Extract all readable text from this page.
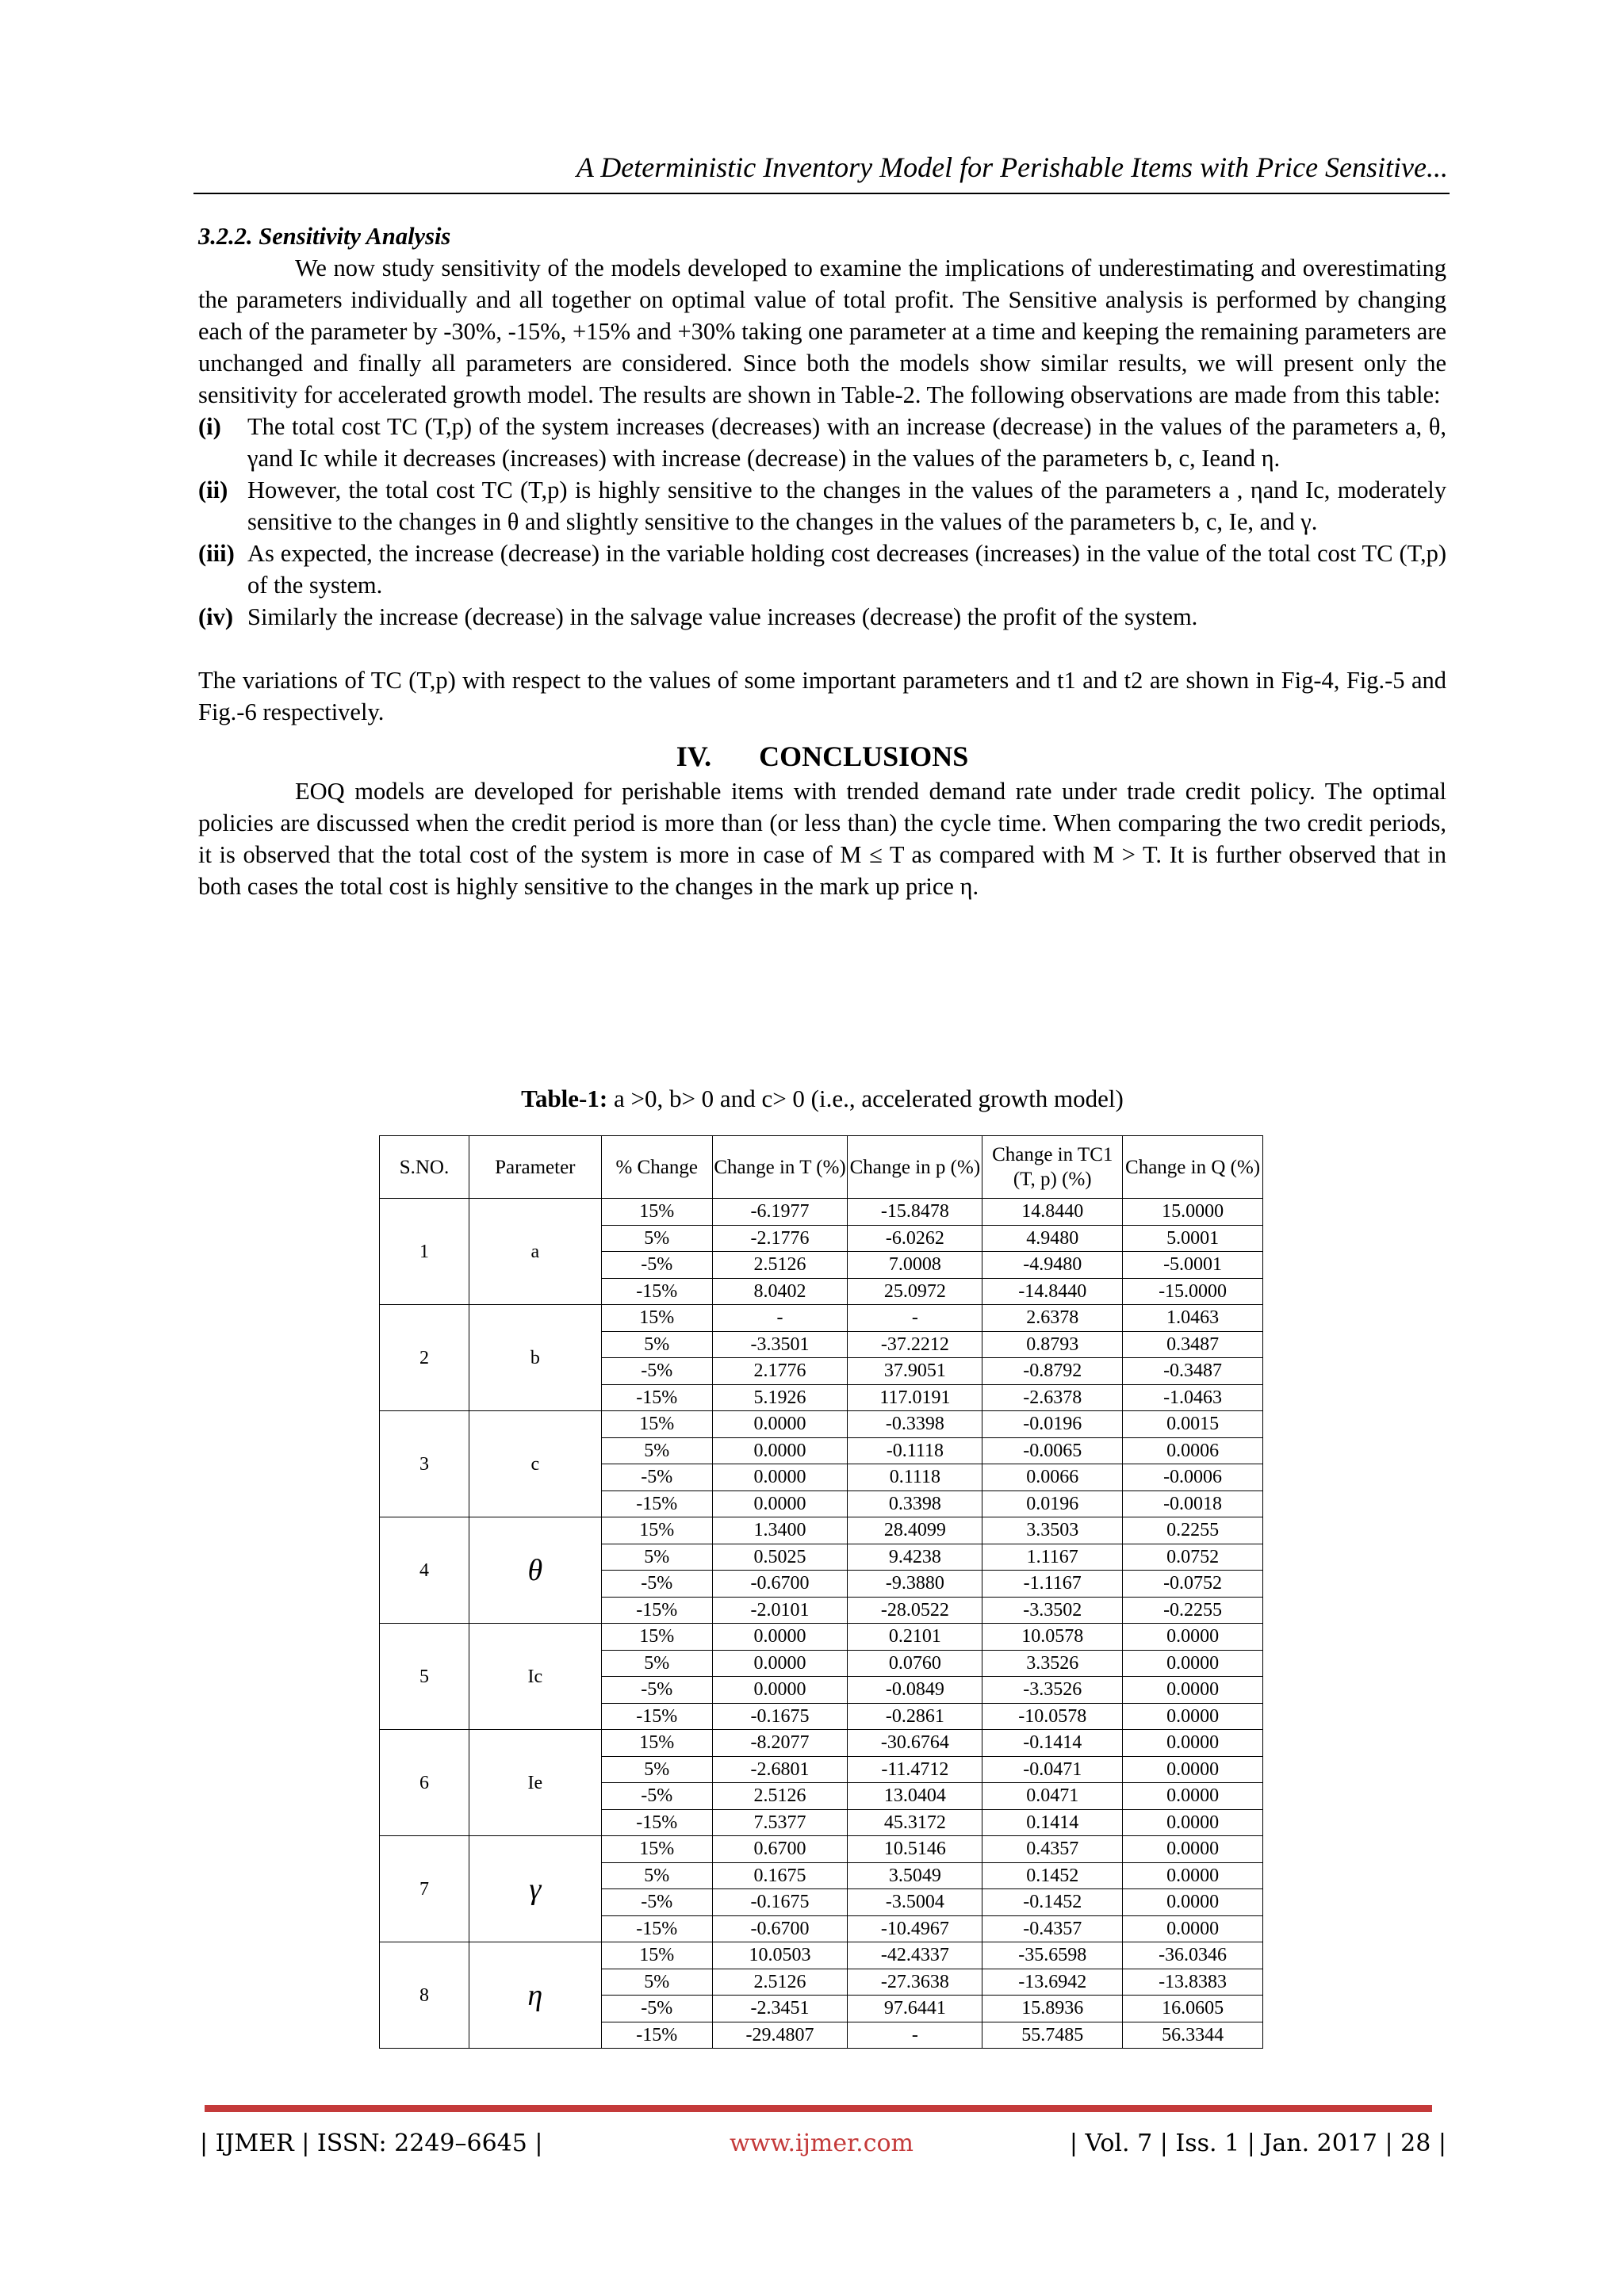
A Deterministic Inventory Model for Perishable Items with Price Sensitive...

3.2.2. Sensitivity Analysis

We now study sensitivity of the models developed to examine the implications of underestimating and overestimating the parameters individually and all together on optimal value of total profit. The Sensitive analysis is performed by changing each of the parameter by -30%, -15%, +15% and +30% taking one parameter at a time and keeping the remaining parameters are unchanged and finally all parameters are considered. Since both the models show similar results, we will present only the sensitivity for accelerated growth model. The results are shown in Table-2. The following observations are made from this table:

(i)	The total cost TC (T,p) of the system increases (decreases) with an increase (decrease) in the values of the parameters a, θ, γand Ic while it decreases (increases) with increase (decrease) in the values of the parameters b, c, Ieand η.
(ii) However, the total cost TC (T,p) is highly sensitive to the changes in the values of the parameters a , ηand Ic, moderately sensitive to the changes in θ and slightly sensitive to the changes in the values of the parameters b, c, Ie, and γ.
(iii) As expected, the increase (decrease) in the variable holding cost decreases (increases) in the value of the total cost TC (T,p) of the system.
(iv) Similarly the increase (decrease) in the salvage value increases (decrease) the profit of the system.

The variations of TC (T,p) with respect to the values of some important parameters and t1 and t2 are shown in Fig-4, Fig.-5 and Fig.-6 respectively.

IV. CONCLUSIONS

EOQ models are developed for perishable items with trended demand rate under trade credit policy. The optimal policies are discussed when the credit period is more than (or less than) the cycle time. When comparing the two credit periods, it is observed that the total cost of the system is more in case of M ≤ T as compared with M > T. It is further observed that in both cases the total cost is highly sensitive to the changes in the mark up price η.

Table-1: a >0, b> 0 and c> 0 (i.e., accelerated growth model)
S.NO.	Parameter	% Change	Change in T (%)	Change in p (%)	Change in TC1 (T, p) (%)	Change in Q (%)
1	a	15%	-6.1977	-15.8478	14.8440	15.0000
		5%	-2.1776	-6.0262	4.9480	5.0001
		-5%	2.5126	7.0008	-4.9480	-5.0001
		-15%	8.0402	25.0972	-14.8440	-15.0000
2	b	15%	-	-	2.6378	1.0463
		5%	-3.3501	-37.2212	0.8793	0.3487
		-5%	2.1776	37.9051	-0.8792	-0.3487
		-15%	5.1926	117.0191	-2.6378	-1.0463
3	c	15%	0.0000	-0.3398	-0.0196	0.0015
		5%	0.0000	-0.1118	-0.0065	0.0006
		-5%	0.0000	0.1118	0.0066	-0.0006
		-15%	0.0000	0.3398	0.0196	-0.0018
4	θ	15%	1.3400	28.4099	3.3503	0.2255
		5%	0.5025	9.4238	1.1167	0.0752
		-5%	-0.6700	-9.3880	-1.1167	-0.0752
		-15%	-2.0101	-28.0522	-3.3502	-0.2255
5	Ic	15%	0.0000	0.2101	10.0578	0.0000
		5%	0.0000	0.0760	3.3526	0.0000
		-5%	0.0000	-0.0849	-3.3526	0.0000
		-15%	-0.1675	-0.2861	-10.0578	0.0000
6	Ie	15%	-8.2077	-30.6764	-0.1414	0.0000
		5%	-2.6801	-11.4712	-0.0471	0.0000
		-5%	2.5126	13.0404	0.0471	0.0000
		-15%	7.5377	45.3172	0.1414	0.0000
7	γ	15%	0.6700	10.5146	0.4357	0.0000
		5%	0.1675	3.5049	0.1452	0.0000
		-5%	-0.1675	-3.5004	-0.1452	0.0000
		-15%	-0.6700	-10.4967	-0.4357	0.0000
8	η	15%	10.0503	-42.4337	-35.6598	-36.0346
		5%	2.5126	-27.3638	-13.6942	-13.8383
		-5%	-2.3451	97.6441	15.8936	16.0605
		-15%	-29.4807	-	55.7485	56.3344
| IJMER | ISSN: 2249–6645 |	www.ijmer.com	| Vol. 7 | Iss. 1 | Jan. 2017 | 28 |
